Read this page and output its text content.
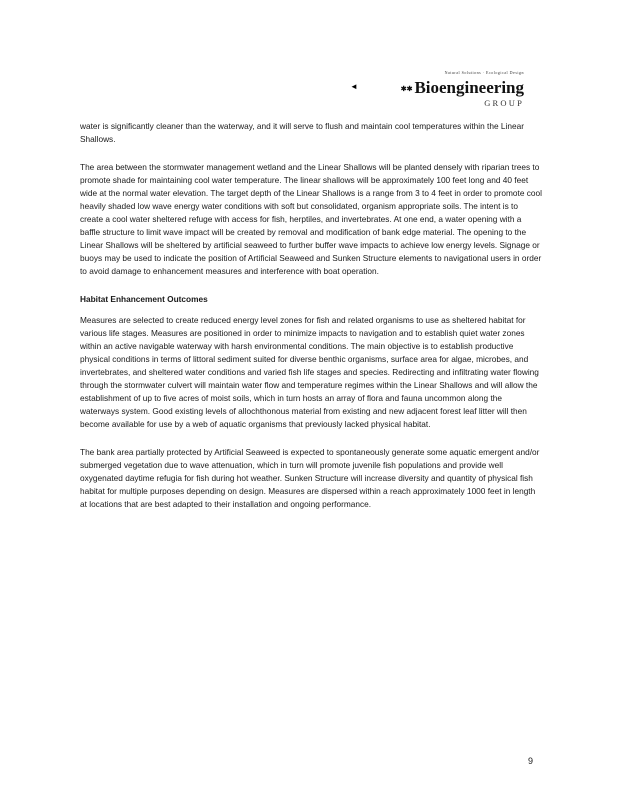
Natural Solutions · Ecological Design
◄	✱✱ Bioengineering
GROUP

water is significantly cleaner than the waterway, and it will serve to flush and maintain cool temperatures within the Linear Shallows.

The area between the stormwater management wetland and the Linear Shallows will be planted densely with riparian trees to promote shade for maintaining cool water temperature. The linear shallows will be approximately 100 feet long and 40 feet wide at the normal water elevation. The target depth of the Linear Shallows is a range from 3 to 4 feet in order to promote cool heavily shaded low wave energy water conditions with soft but consolidated, organism appropriate soils. The intent is to create a cool water sheltered refuge with access for fish, herptiles, and invertebrates. At one end, a water opening with a baffle structure to limit wave impact will be created by removal and modification of bank edge material. The opening to the Linear Shallows will be sheltered by artificial seaweed to further buffer wave impacts to achieve low energy levels. Signage or buoys may be used to indicate the position of Artificial Seaweed and Sunken Structure elements to navigational users in order to avoid damage to enhancement measures and interference with boat operation.

Habitat Enhancement Outcomes

Measures are selected to create reduced energy level zones for fish and related organisms to use as sheltered habitat for various life stages. Measures are positioned in order to minimize impacts to navigation and to establish quiet water zones within an active navigable waterway with harsh environmental conditions. The main objective is to establish productive physical conditions in terms of littoral sediment suited for diverse benthic organisms, surface area for algae, microbes, and invertebrates, and sheltered water conditions and varied fish life stages and species. Redirecting and infiltrating water flowing through the stormwater culvert will maintain water flow and temperature regimes within the Linear Shallows and will allow the establishment of up to five acres of moist soils, which in turn hosts an array of flora and fauna uncommon along the waterways system. Good existing levels of allochthonous material from existing and new adjacent forest leaf litter will then become available for use by a web of aquatic organisms that previously lacked physical habitat.

The bank area partially protected by Artificial Seaweed is expected to spontaneously generate some aquatic emergent and/or submerged vegetation due to wave attenuation, which in turn will promote juvenile fish populations and provide well oxygenated daytime refugia for fish during hot weather. Sunken Structure will increase diversity and quantity of physical fish habitat for multiple purposes depending on design. Measures are dispersed within a reach approximately 1000 feet in length at locations that are best adapted to their installation and ongoing performance.

9
